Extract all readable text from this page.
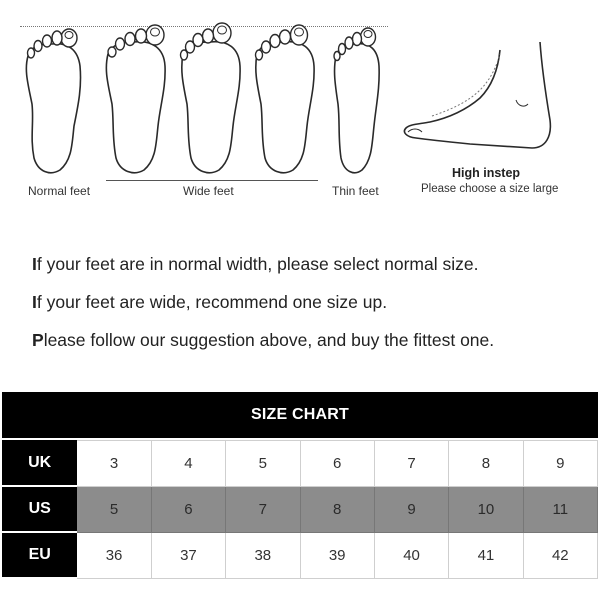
Normal feet	Wide feet	Thin feet
High instep
Please choose a size large
If your feet are in normal width, please select normal size.
If your feet are wide, recommend one size up.
Please follow our suggestion above, and buy the fittest one.
SIZE CHART

UK	3	4	5	6	7	8	9
US	5	6	7	8	9	10	11
EU	36	37	38	39	40	41	42
